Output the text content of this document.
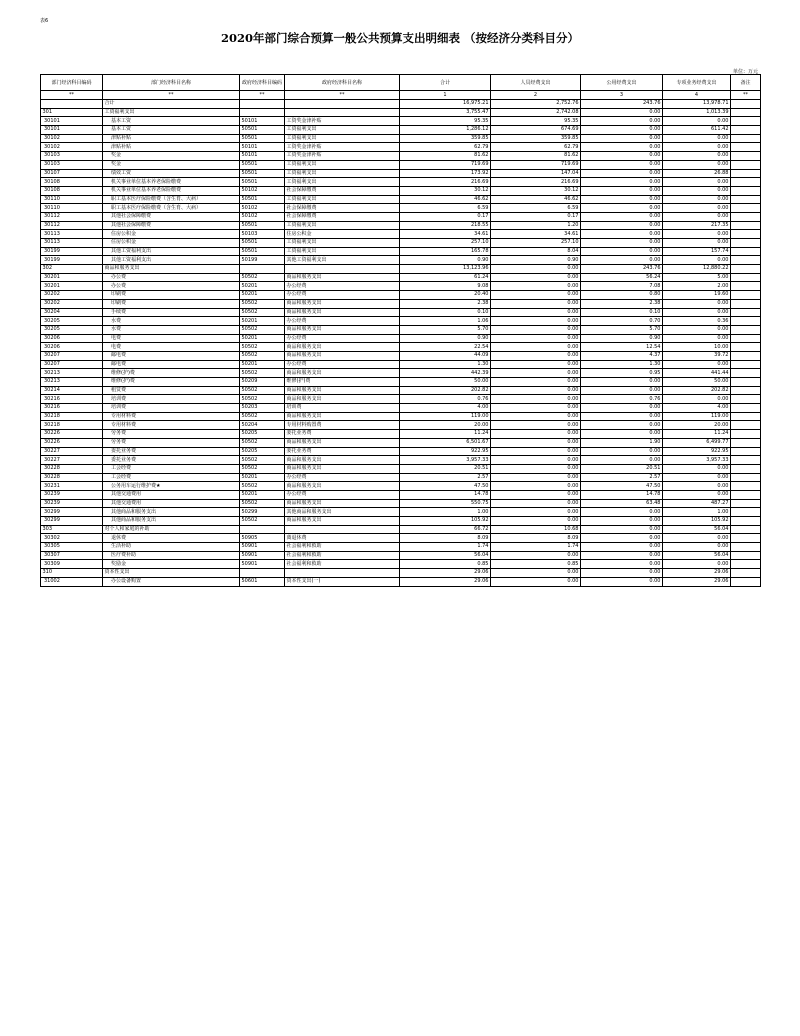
表6
2020年部门综合预算一般公共预算支出明细表 （按经济分类科目分）
单位：万元
部门经济科目编码	部门经济科目名称	政府经济科目编码	政府经济科目名称	合计	人员经费支出	公用经费支出	专项业务经费支出	备注
**	**	**	**	1	2	3	4	**
	合计			16,975.21	2,752.76	243.76	13,978.71	
301	工资福利支出			3,755.47	2,742.08	0.00	1,013.39	
30101	基本工资	50101	工资奖金津补贴	95.35	95.35	0.00	0.00	
30101	基本工资	50501	工资福利支出	1,286.12	674.69	0.00	611.42	
30102	津贴补贴	50501	工资福利支出	359.85	359.85	0.00	0.00	
30102	津贴补贴	50101	工资奖金津补贴	62.79	62.79	0.00	0.00	
30103	奖金	50101	工资奖金津补贴	81.62	81.62	0.00	0.00	
30103	奖金	50501	工资福利支出	719.69	719.69	0.00	0.00	
30107	绩效工资	50501	工资福利支出	173.92	147.04	0.00	26.88	
30108	机关事业单位基本养老保险缴费	50501	工资福利支出	216.69	216.69	0.00	0.00	
30108	机关事业单位基本养老保险缴费	50102	社会保障缴费	30.12	30.12	0.00	0.00	
30110	职工基本医疗保险缴费（含生育、大病）	50501	工资福利支出	46.62	46.62	0.00	0.00	
30110	职工基本医疗保险缴费（含生育、大病）	50102	社会保障缴费	6.59	6.59	0.00	0.00	
30112	其他社会保障缴费	50102	社会保障缴费	0.17	0.17	0.00	0.00	
30112	其他社会保障缴费	50501	工资福利支出	218.55	1.20	0.00	217.35	
30113	住房公积金	50103	住房公积金	34.61	34.61	0.00	0.00	
30113	住房公积金	50501	工资福利支出	257.10	257.10	0.00	0.00	
30199	其他工资福利支出	50501	工资福利支出	165.78	8.04	0.00	157.74	
30199	其他工资福利支出	50199	其他工资福利支出	0.90	0.90	0.00	0.00	
302	商品和服务支出			13,123.96	0.00	243.76	12,880.22	
30201	办公费	50502	商品和服务支出	61.24	0.00	56.24	5.00	
30201	办公费	50201	办公经费	9.08	0.00	7.08	2.00	
30202	印刷费	50201	办公经费	20.40	0.00	0.80	19.60	
30202	印刷费	50502	商品和服务支出	2.38	0.00	2.38	0.00	
30204	手续费	50502	商品和服务支出	0.10	0.00	0.10	0.00	
30205	水费	50201	办公经费	1.06	0.00	0.70	0.36	
30205	水费	50502	商品和服务支出	5.70	0.00	5.70	0.00	
30206	电费	50201	办公经费	0.90	0.00	0.90	0.00	
30206	电费	50502	商品和服务支出	22.54	0.00	12.54	10.00	
30207	邮电费	50502	商品和服务支出	44.09	0.00	4.37	39.72	
30207	邮电费	50201	办公经费	1.30	0.00	1.30	0.00	
30213	维修(护)费	50502	商品和服务支出	442.39	0.00	0.95	441.44	
30213	维修(护)费	50209	维修(护)费	50.00	0.00	0.00	50.00	
30214	租赁费	50502	商品和服务支出	202.82	0.00	0.00	202.82	
30216	培训费	50502	商品和服务支出	0.76	0.00	0.76	0.00	
30216	培训费	50203	培训费	4.00	0.00	0.00	4.00	
30218	专用材料费	50502	商品和服务支出	119.00	0.00	0.00	119.00	
30218	专用材料费	50204	专用材料购置费	20.00	0.00	0.00	20.00	
30226	劳务费	50205	委托业务费	11.24	0.00	0.00	11.24	
30226	劳务费	50502	商品和服务支出	6,501.67	0.00	1.90	6,499.77	
30227	委托业务费	50205	委托业务费	922.95	0.00	0.00	922.95	
30227	委托业务费	50502	商品和服务支出	3,957.33	0.00	0.00	3,957.33	
30228	工会经费	50502	商品和服务支出	20.51	0.00	20.51	0.00	
30228	工会经费	50201	办公经费	2.57	0.00	2.57	0.00	
30231	公务用车运行维护费★	50502	商品和服务支出	47.50	0.00	47.50	0.00	
30239	其他交通费用	50201	办公经费	14.78	0.00	14.78	0.00	
30239	其他交通费用	50502	商品和服务支出	550.75	0.00	63.48	487.27	
30299	其他商品和服务支出	50299	其他商品和服务支出	1.00	0.00	0.00	1.00	
30299	其他商品和服务支出	50502	商品和服务支出	105.92	0.00	0.00	105.92	
303	对个人和家庭的补助			66.72	10.68	0.00	56.04	
30302	退休费	50905	离退休费	8.09	8.09	0.00	0.00	
30305	生活补助	50901	社会福利和救助	1.74	1.74	0.00	0.00	
30307	医疗费补助	50901	社会福利和救助	56.04	0.00	0.00	56.04	
30309	奖励金	50901	社会福利和救助	0.85	0.85	0.00	0.00	
310	资本性支出			29.06	0.00	0.00	29.06	
31002	办公设备购置	50601	资本性支出(一)	29.06	0.00	0.00	29.06	
